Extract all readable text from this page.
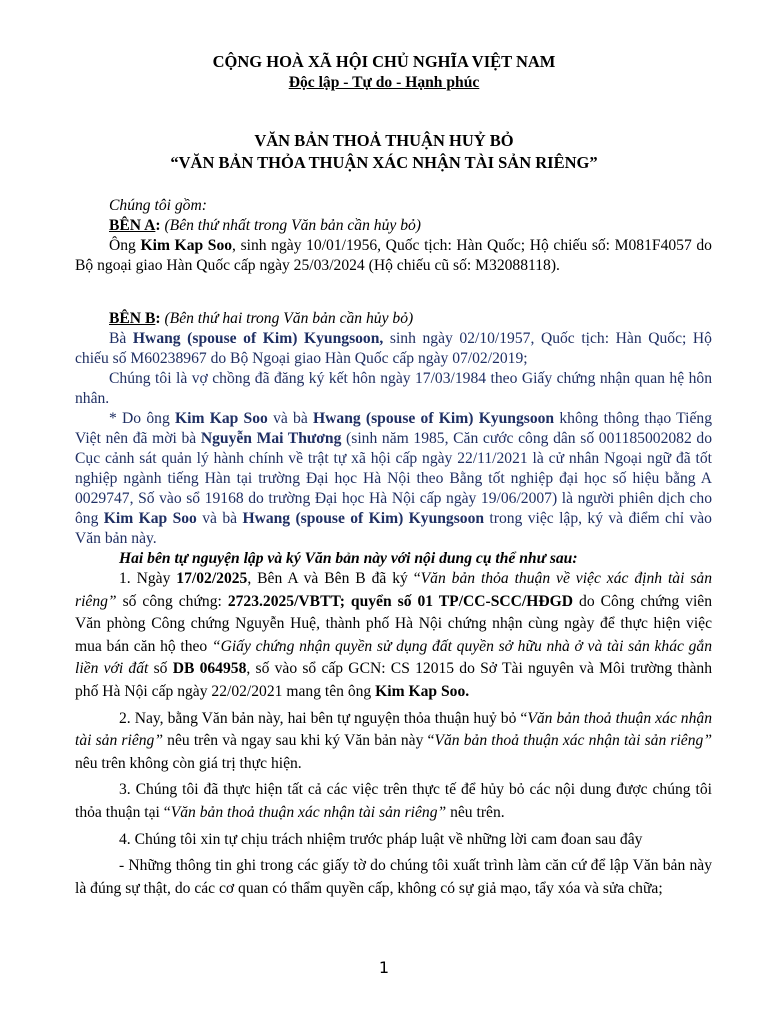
CỘNG HOÀ XÃ HỘI CHỦ NGHĨA VIỆT NAM
Độc lập - Tự do - Hạnh phúc
VĂN BẢN THOẢ THUẬN HUỶ BỎ
“VĂN BẢN THỎA THUẬN XÁC NHẬN TÀI SẢN RIÊNG”

Chúng tôi gồm:

BÊN A: (Bên thứ nhất trong Văn bản cần hủy bỏ)

Ông Kim Kap Soo, sinh ngày 10/01/1956, Quốc tịch: Hàn Quốc; Hộ chiếu số: M081F4057 do Bộ ngoại giao Hàn Quốc cấp ngày 25/03/2024 (Hộ chiếu cũ số: M32088118).

BÊN B: (Bên thứ hai trong Văn bản cần hủy bỏ)

Bà Hwang (spouse of Kim) Kyungsoon, sinh ngày 02/10/1957, Quốc tịch: Hàn Quốc; Hộ chiếu số M60238967 do Bộ Ngoại giao Hàn Quốc cấp ngày 07/02/2019;

Chúng tôi là vợ chồng đã đăng ký kết hôn ngày 17/03/1984 theo Giấy chứng nhận quan hệ hôn nhân.

* Do ông Kim Kap Soo và bà Hwang (spouse of Kim) Kyungsoon không thông thạo Tiếng Việt nên đã mời bà Nguyễn Mai Thương (sinh năm 1985, Căn cước công dân số 001185002082 do Cục cảnh sát quản lý hành chính về trật tự xã hội cấp ngày 22/11/2021 là cử nhân Ngoại ngữ đã tốt nghiệp ngành tiếng Hàn tại trường Đại học Hà Nội theo Bằng tốt nghiệp đại học số hiệu bằng A 0029747, Số vào sổ 19168 do trường Đại học Hà Nội cấp ngày 19/06/2007) là người phiên dịch cho ông Kim Kap Soo và bà Hwang (spouse of Kim) Kyungsoon trong việc lập, ký và điểm chỉ vào Văn bản này.

Hai bên tự nguyện lập và ký Văn bản này với nội dung cụ thể như sau:

1. Ngày 17/02/2025, Bên A và Bên B đã ký “Văn bản thỏa thuận về việc xác định tài sản riêng” số công chứng: 2723.2025/VBTT; quyển số 01 TP/CC-SCC/HĐGD do Công chứng viên Văn phòng Công chứng Nguyễn Huệ, thành phố Hà Nội chứng nhận cùng ngày để thực hiện việc mua bán căn hộ theo “Giấy chứng nhận quyền sử dụng đất quyền sở hữu nhà ở và tài sản khác gắn liền với đất số DB 064958, số vào sổ cấp GCN: CS 12015 do Sở Tài nguyên và Môi trường thành phố Hà Nội cấp ngày 22/02/2021 mang tên ông Kim Kap Soo.

2. Nay, bằng Văn bản này, hai bên tự nguyện thỏa thuận huỷ bỏ “Văn bản thoả thuận xác nhận tài sản riêng” nêu trên và ngay sau khi ký Văn bản này “Văn bản thoả thuận xác nhận tài sản riêng” nêu trên không còn giá trị thực hiện.

3. Chúng tôi đã thực hiện tất cả các việc trên thực tế để hủy bỏ các nội dung được chúng tôi thỏa thuận tại “Văn bản thoả thuận xác nhận tài sản riêng” nêu trên.

4. Chúng tôi xin tự chịu trách nhiệm trước pháp luật về những lời cam đoan sau đây

- Những thông tin ghi trong các giấy tờ do chúng tôi xuất trình làm căn cứ để lập Văn bản này là đúng sự thật, do các cơ quan có thẩm quyền cấp, không có sự giả mạo, tẩy xóa và sửa chữa;

1
